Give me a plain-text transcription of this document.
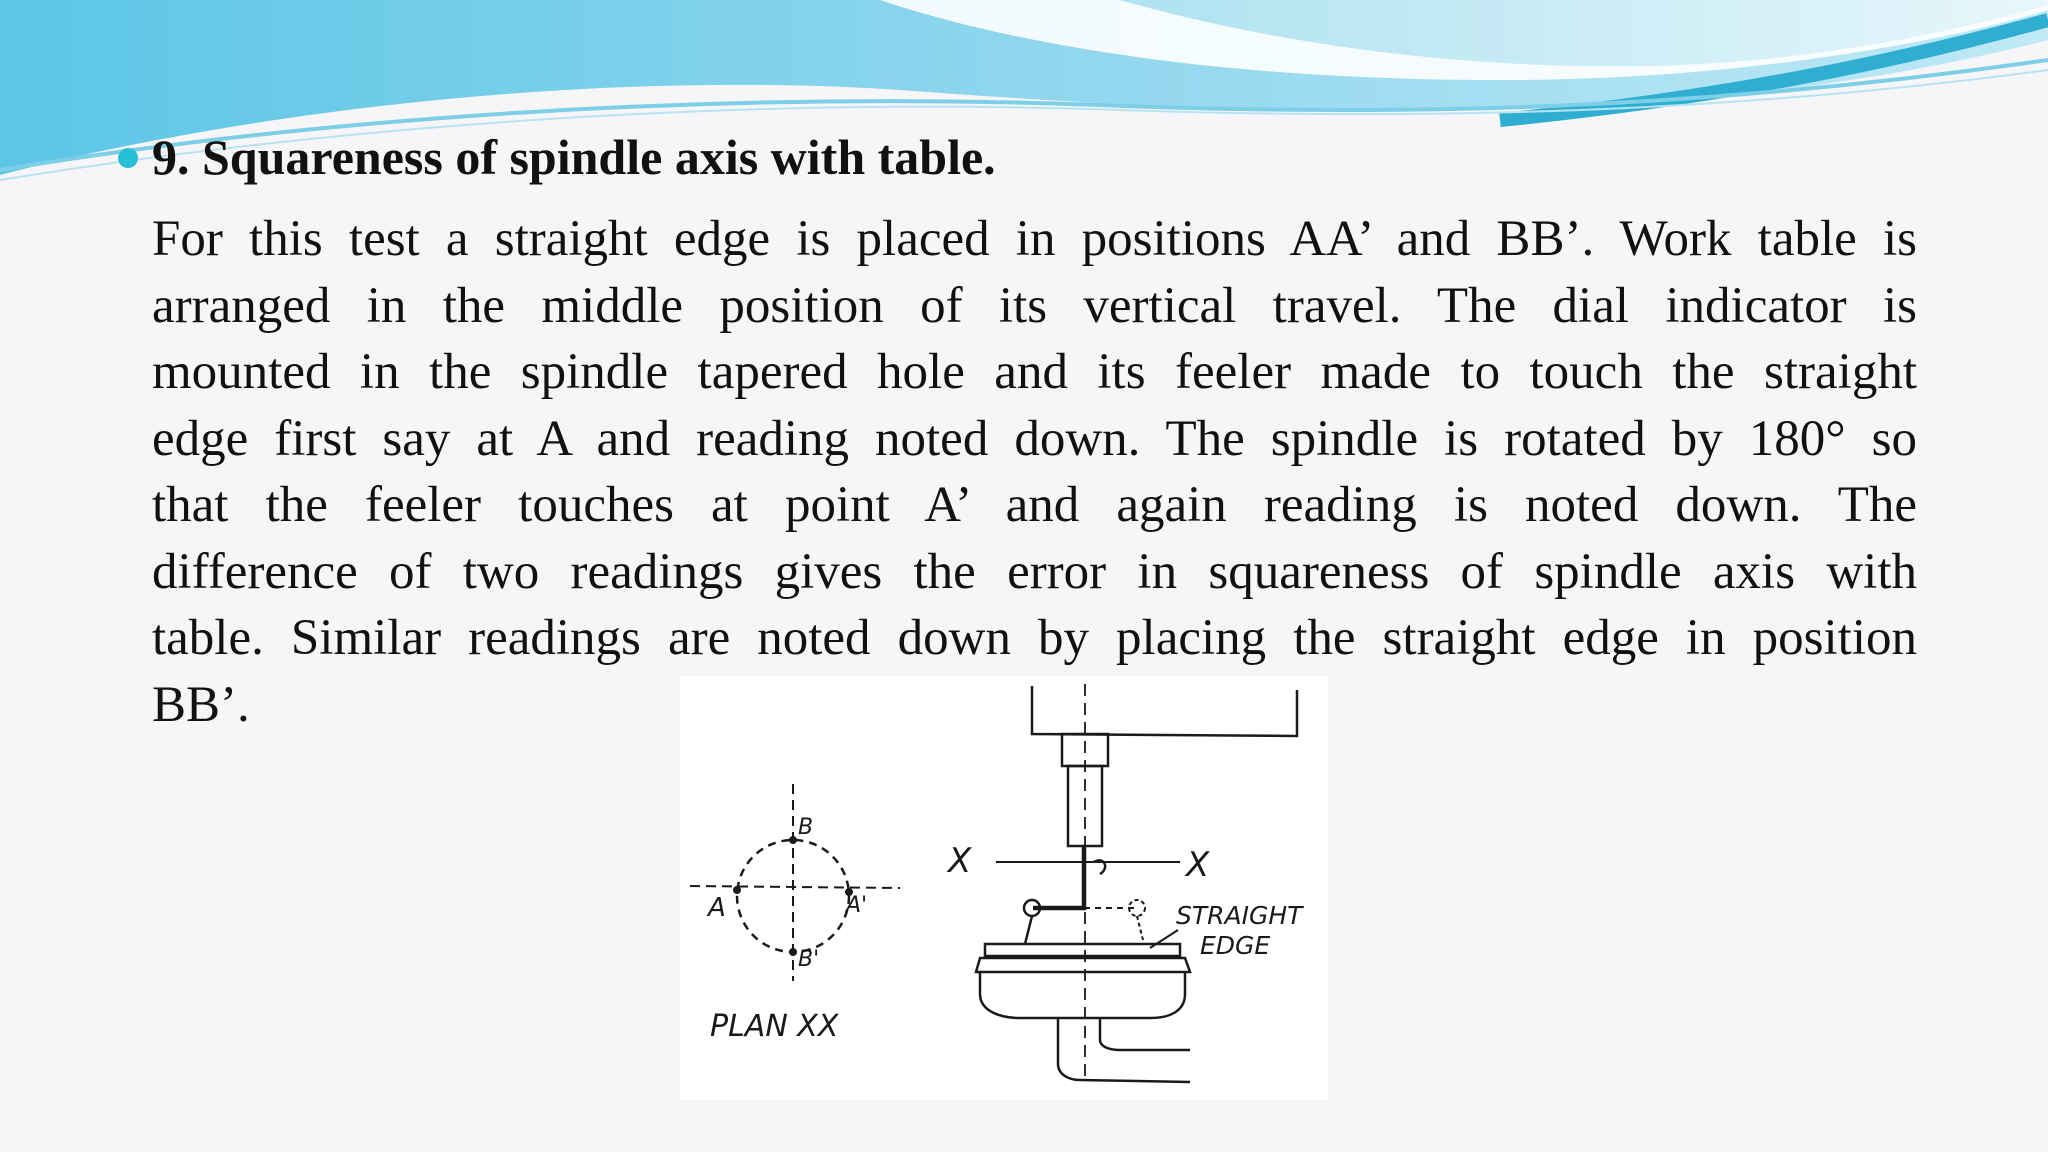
9. Squareness of spindle axis with table.
For this test a straight edge is placed in positions AA’ and BB’. Work table is
arranged in the middle position of its vertical travel. The dial indicator is
mounted in the spindle tapered hole and its feeler made to touch the straight
edge first say at A and reading noted down. The spindle is rotated by 180° so
that the feeler touches at point A’ and again reading is noted down. The
difference of two readings gives the error in squareness of spindle axis with
table. Similar readings are noted down by placing the straight edge in position
BB’.
B
A	A'
B'
PLAN XX
X	X
STRAIGHT
EDGE
